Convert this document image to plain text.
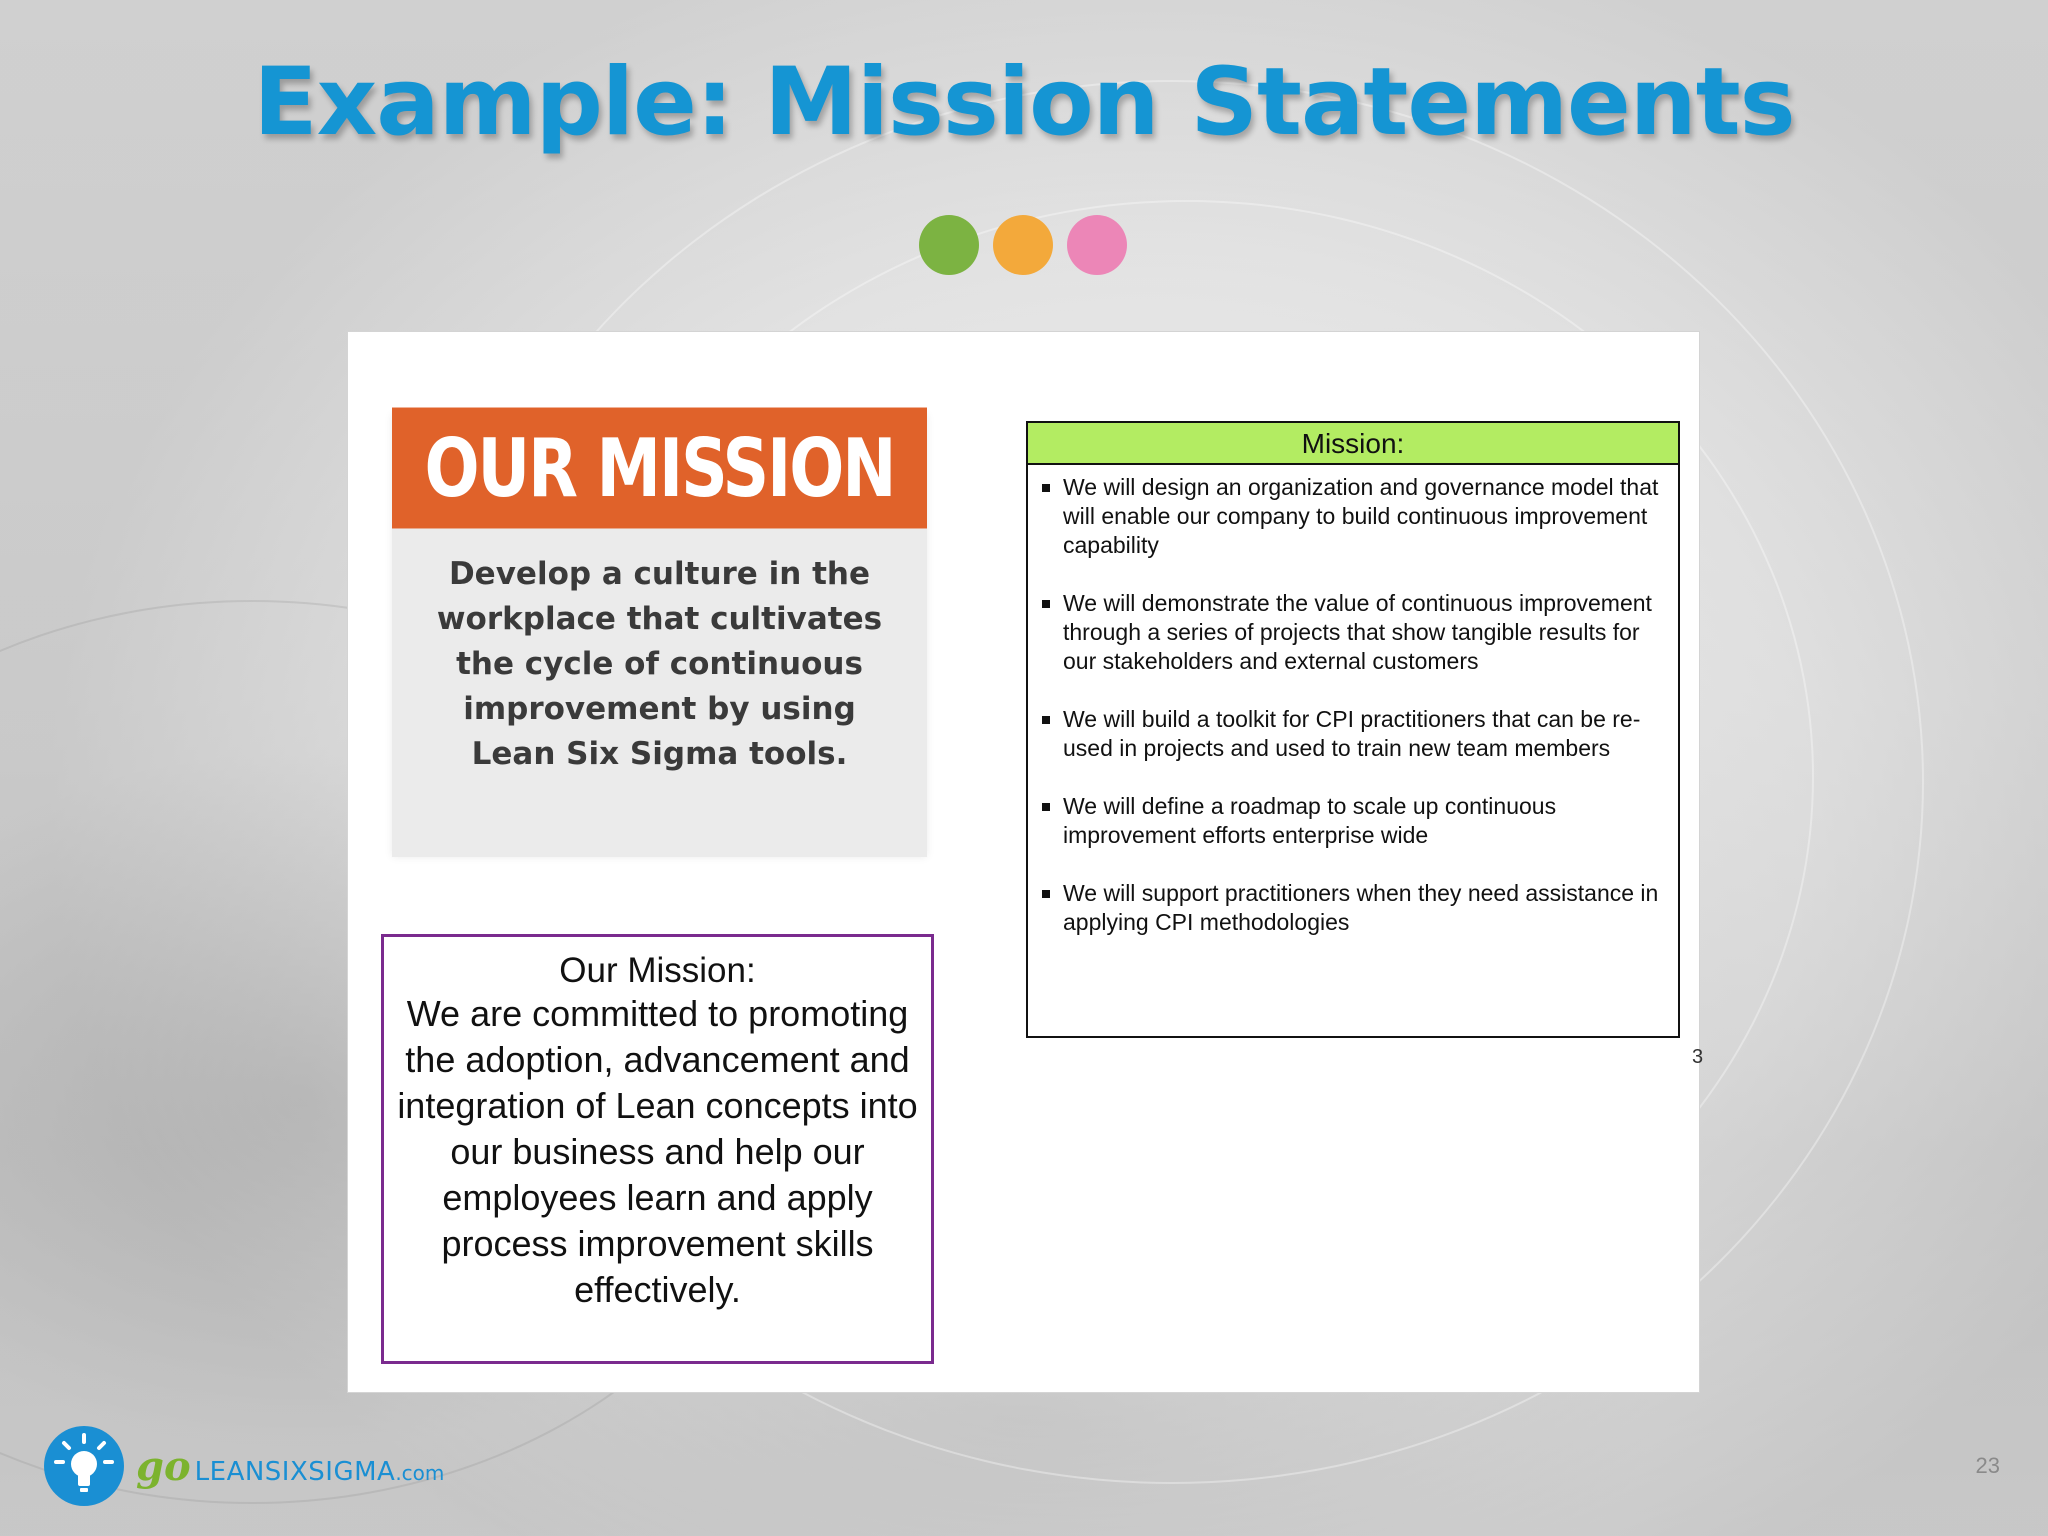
Example: Mission Statements
OUR MISSION
Develop a culture in the workplace that cultivates the cycle of continuous improvement by using Lean Six Sigma tools.
Our Mission:
We are committed to promoting the adoption, advancement and integration of Lean concepts into our business and help our employees learn and apply process improvement skills effectively.
Mission:
We will design an organization and governance model that will enable our company to build continuous improvement capability
We will demonstrate the value of continuous improvement through a series of projects that show tangible results for our stakeholders and external customers
We will build a toolkit for CPI practitioners that can be re-used in projects and used to train new team members
We will define a roadmap to scale up continuous improvement efforts enterprise wide
We will support practitioners when they need assistance in applying CPI methodologies
3
go LEANSIXSIGMA .com	23
